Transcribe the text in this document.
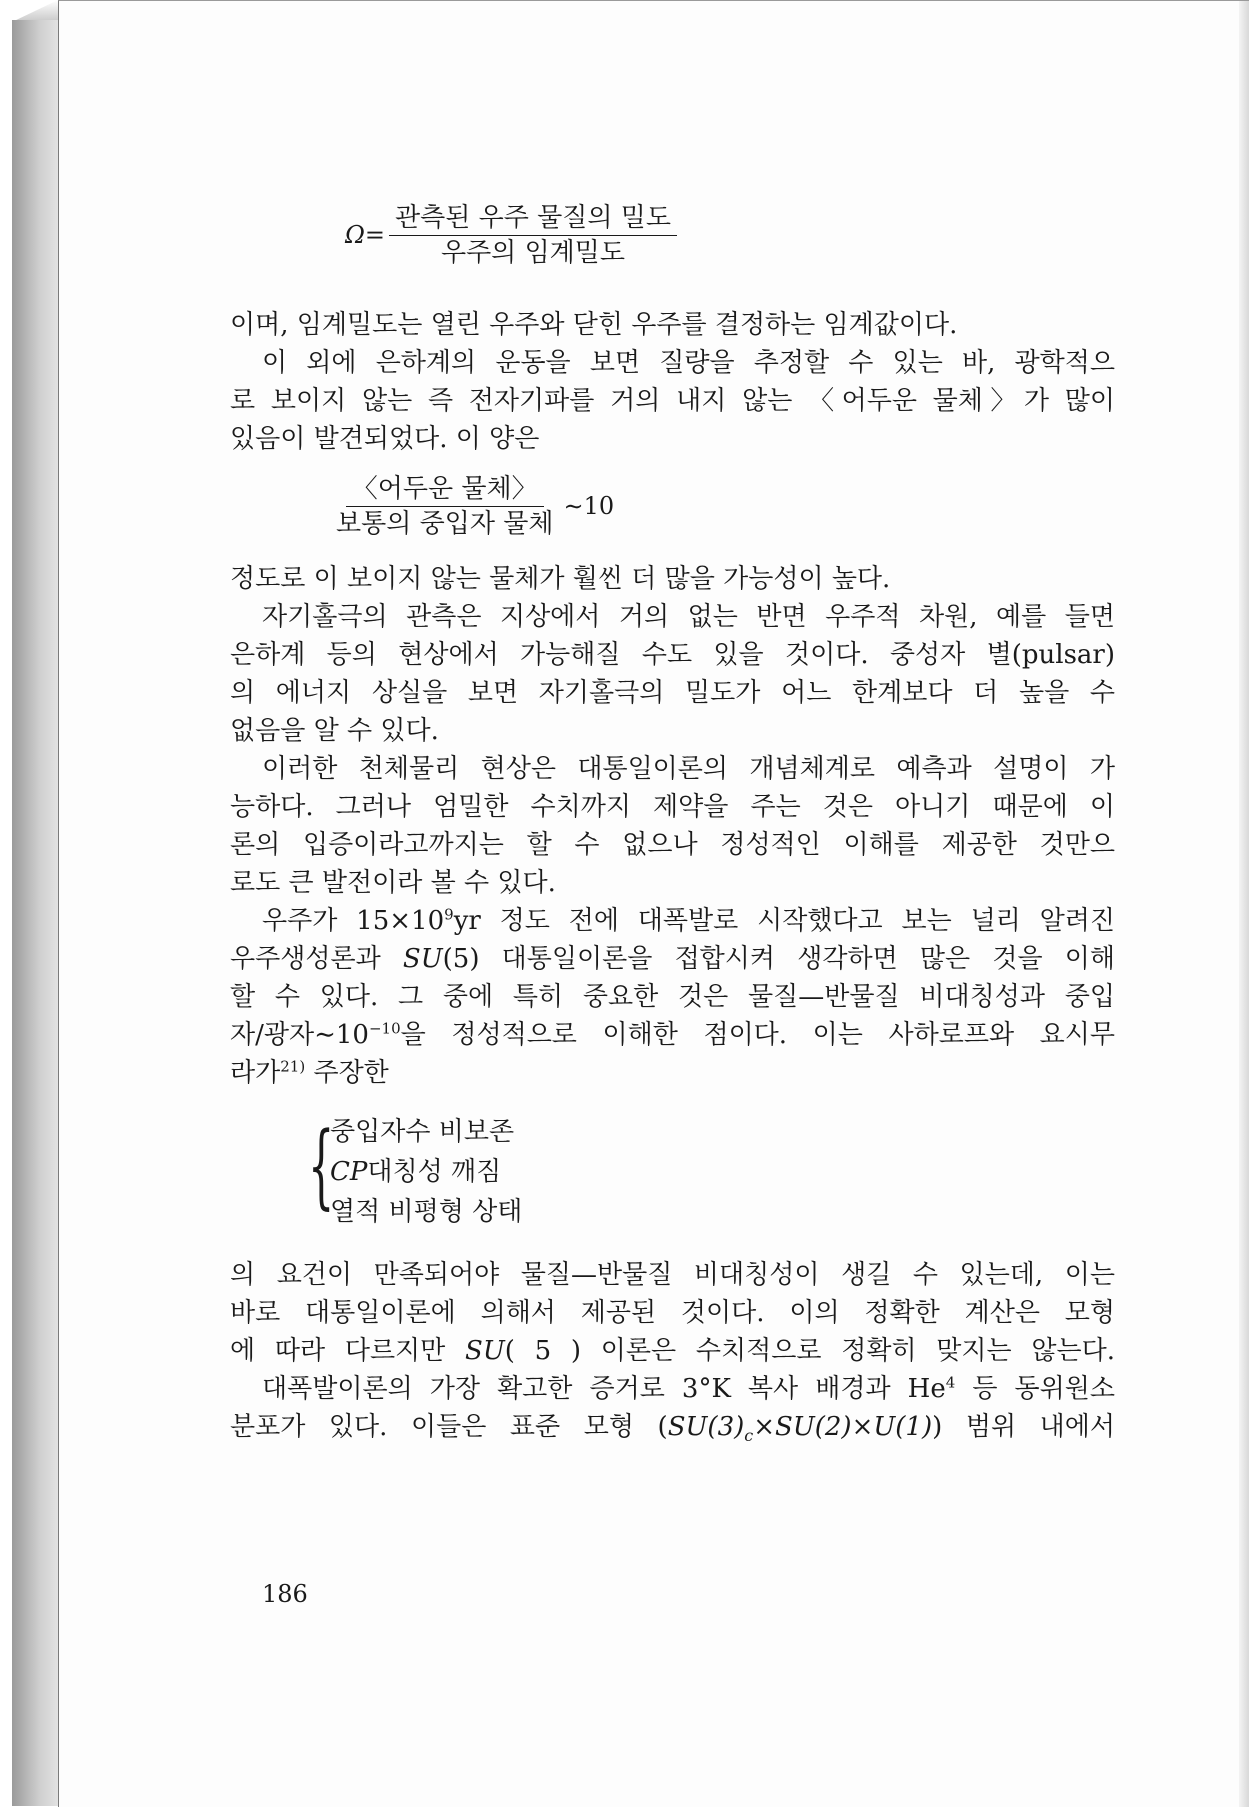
$\Omega= \frac{\text{관측된 우주 물질의 밀도}}{\text{우주의 임계밀도}}$

이며, 임계밀도는 열린 우주와 닫힌 우주를 결정하는 임계값이다.

이 외에 은하계의 운동을 보면 질량을 추정할 수 있는 바, 광학적으

로 보이지 않는 즉 전자기파를 거의 내지 않는 〈어두운 물체〉가 많이

있음이 발견되었다. 이 양은

$\frac{\text{〈어두운 물체〉}}{\text{보통의 중입자 물체}}$ ∼10

정도로 이 보이지 않는 물체가 훨씬 더 많을 가능성이 높다.

자기홀극의 관측은 지상에서 거의 없는 반면 우주적 차원, 예를 들면

은하계 등의 현상에서 가능해질 수도 있을 것이다. 중성자 별(pulsar)

의 에너지 상실을 보면 자기홀극의 밀도가 어느 한계보다 더 높을 수

없음을 알 수 있다.

이러한 천체물리 현상은 대통일이론의 개념체계로 예측과 설명이 가

능하다. 그러나 엄밀한 수치까지 제약을 주는 것은 아니기 때문에 이

론의 입증이라고까지는 할 수 없으나 정성적인 이해를 제공한 것만으

로도 큰 발전이라 볼 수 있다.

우주가 $15\times 10^9yr$ 정도 전에 대폭발로 시작했다고 보는 널리 알려진

우주생성론과 SU(5) 대통일이론을 접합시켜 생각하면 많은 것을 이해

할 수 있다. 그 중에 특히 중요한 것은 물질—반물질 비대칭성과 중입

자/광자$\sim 10^{-10}$을 정성적으로 이해한 점이다. 이는 사하로프와 요시무

라가$^{21)}$ 주장한

{

중입자수 비보존

CP대칭성 깨짐

열적 비평형 상태

의 요건이 만족되어야 물질—반물질 비대칭성이 생길 수 있는데, 이는

바로 대통일이론에 의해서 제공된 것이다. 이의 정확한 계산은 모형

에 따라 다르지만 SU( 5 ) 이론은 수치적으로 정확히 맞지는 않는다.

대폭발이론의 가장 확고한 증거로 3°K 복사 배경과 He$^4$ 등 동위원소

분포가 있다. 이들은 표준 모형 $(SU(3)_c\times SU(2)\times U(1))$ 범위 내에서

186
